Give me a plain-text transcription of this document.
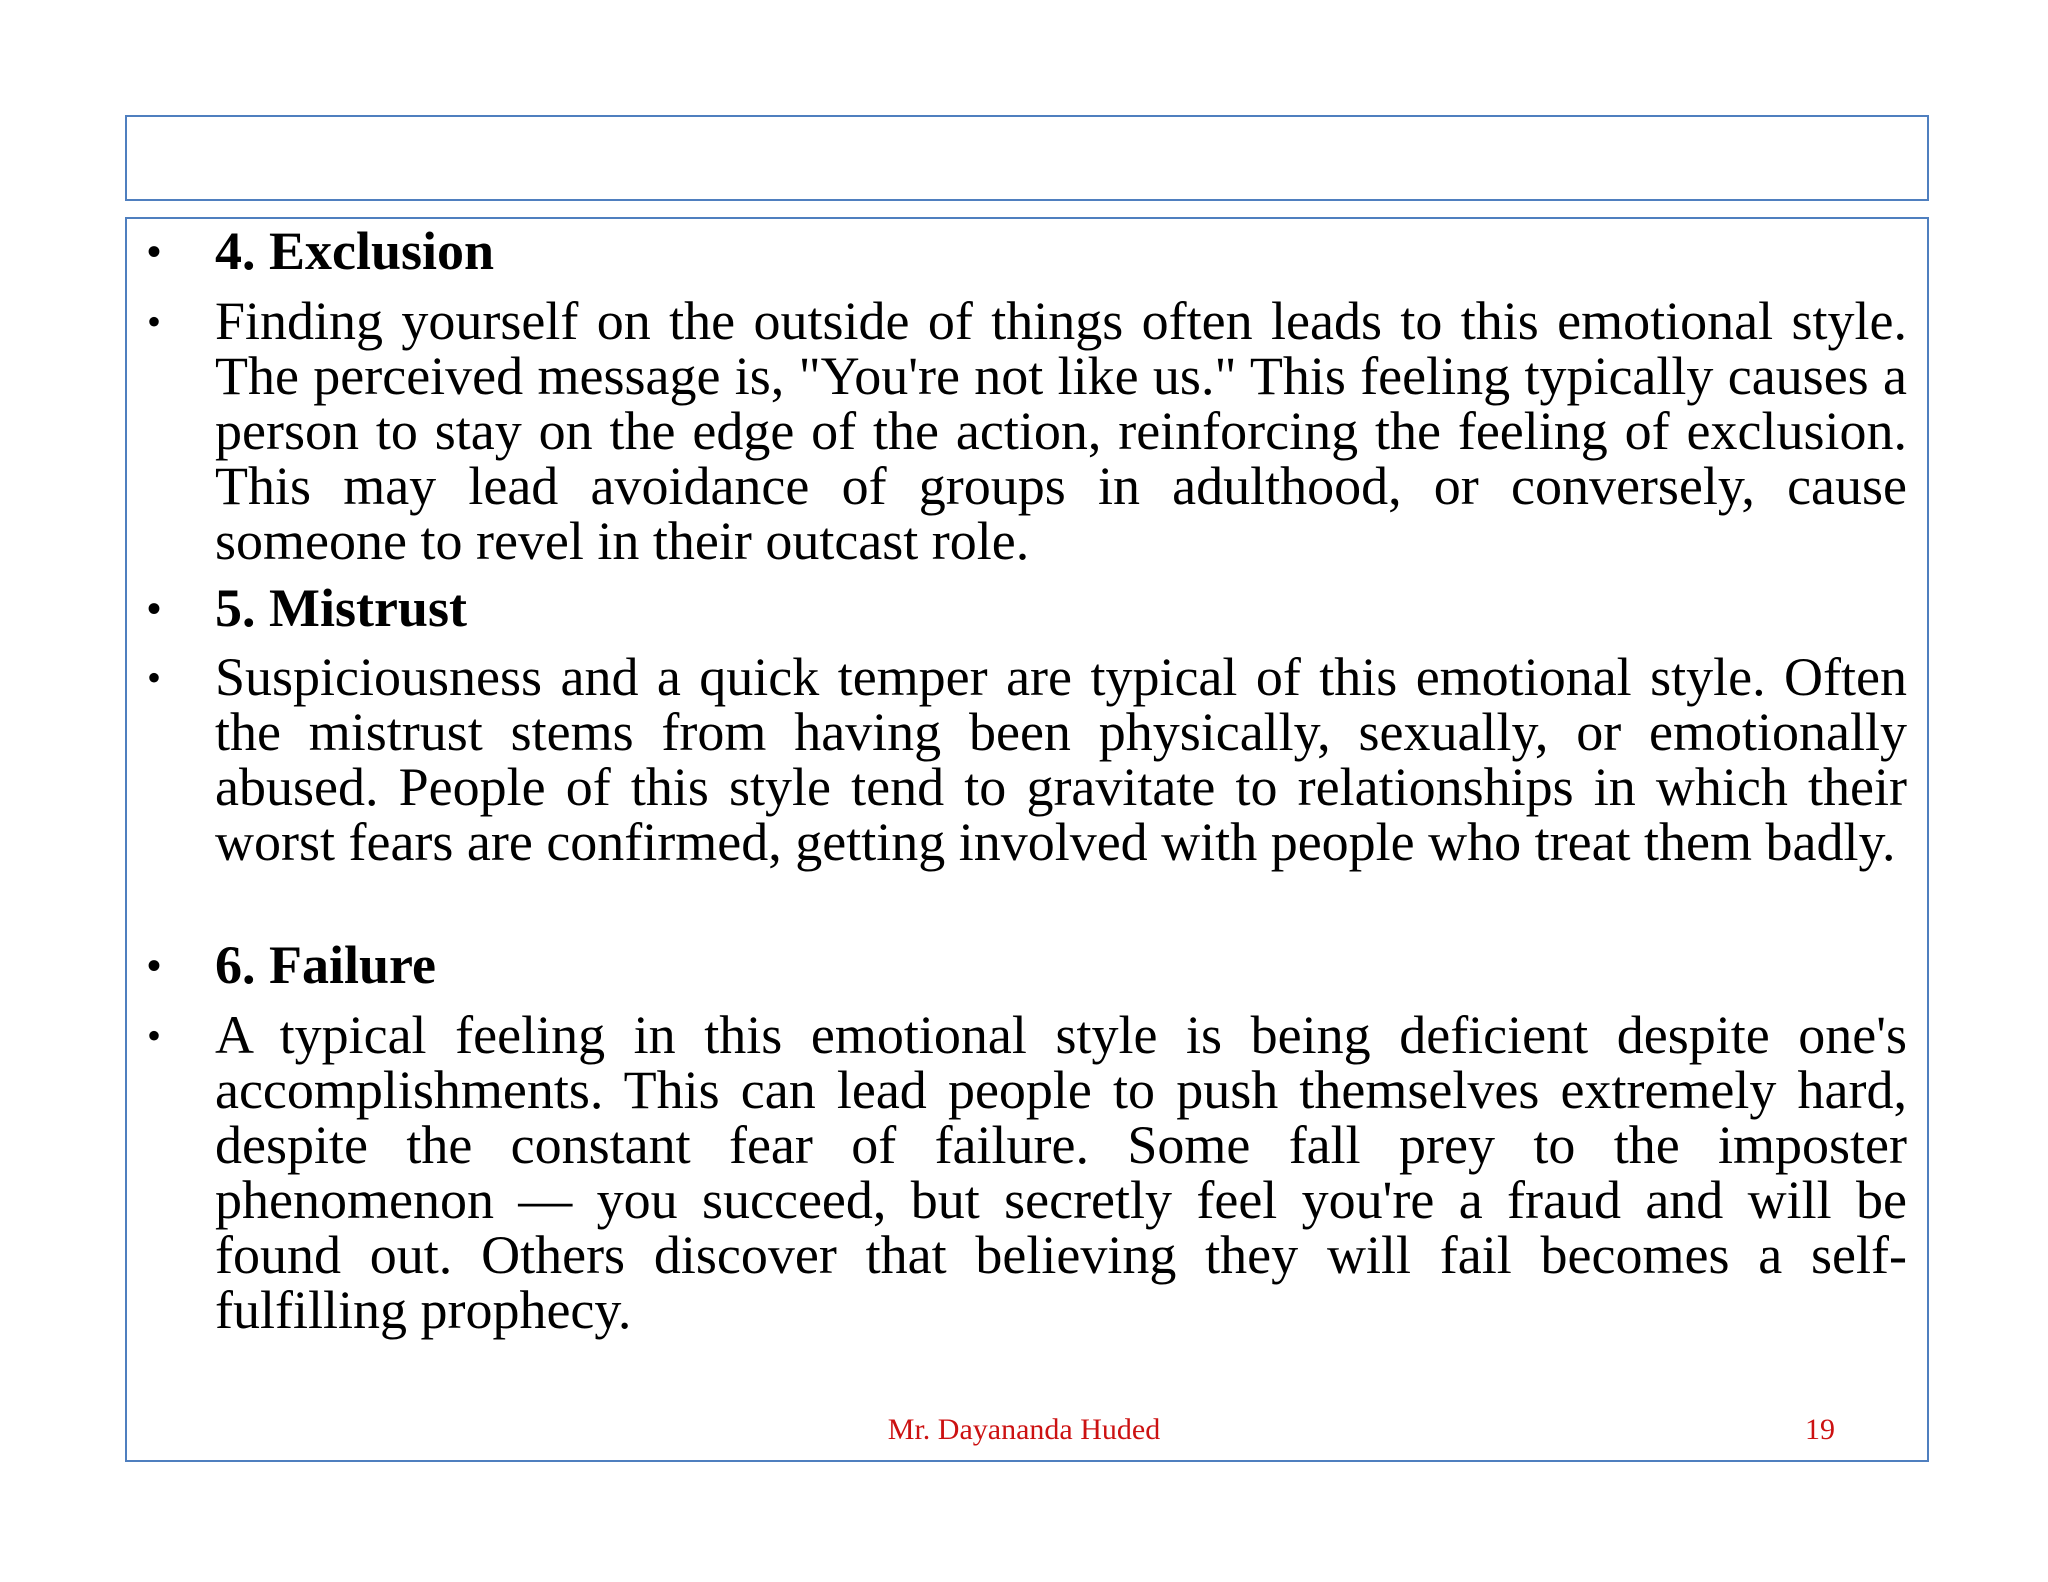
• 4. Exclusion
• Finding yourself on the outside of things often leads to this emotional style. The perceived message is, "You're not like us." This feeling typically causes a person to stay on the edge of the action, reinforcing the feeling of exclusion. This may lead avoidance of groups in adulthood, or conversely, cause someone to revel in their outcast role.
• 5. Mistrust
• Suspiciousness and a quick temper are typical of this emotional style. Often the mistrust stems from having been physically, sexually, or emotionally abused. People of this style tend to gravitate to relationships in which their worst fears are confirmed, getting involved with people who treat them badly.
• 6. Failure
• A typical feeling in this emotional style is being deficient despite one's accomplishments. This can lead people to push themselves extremely hard, despite the constant fear of failure. Some fall prey to the imposter phenomenon — you succeed, but secretly feel you're a fraud and will be found out. Others discover that believing they will fail becomes a self-fulfilling prophecy.
Mr. Dayananda Huded	19
